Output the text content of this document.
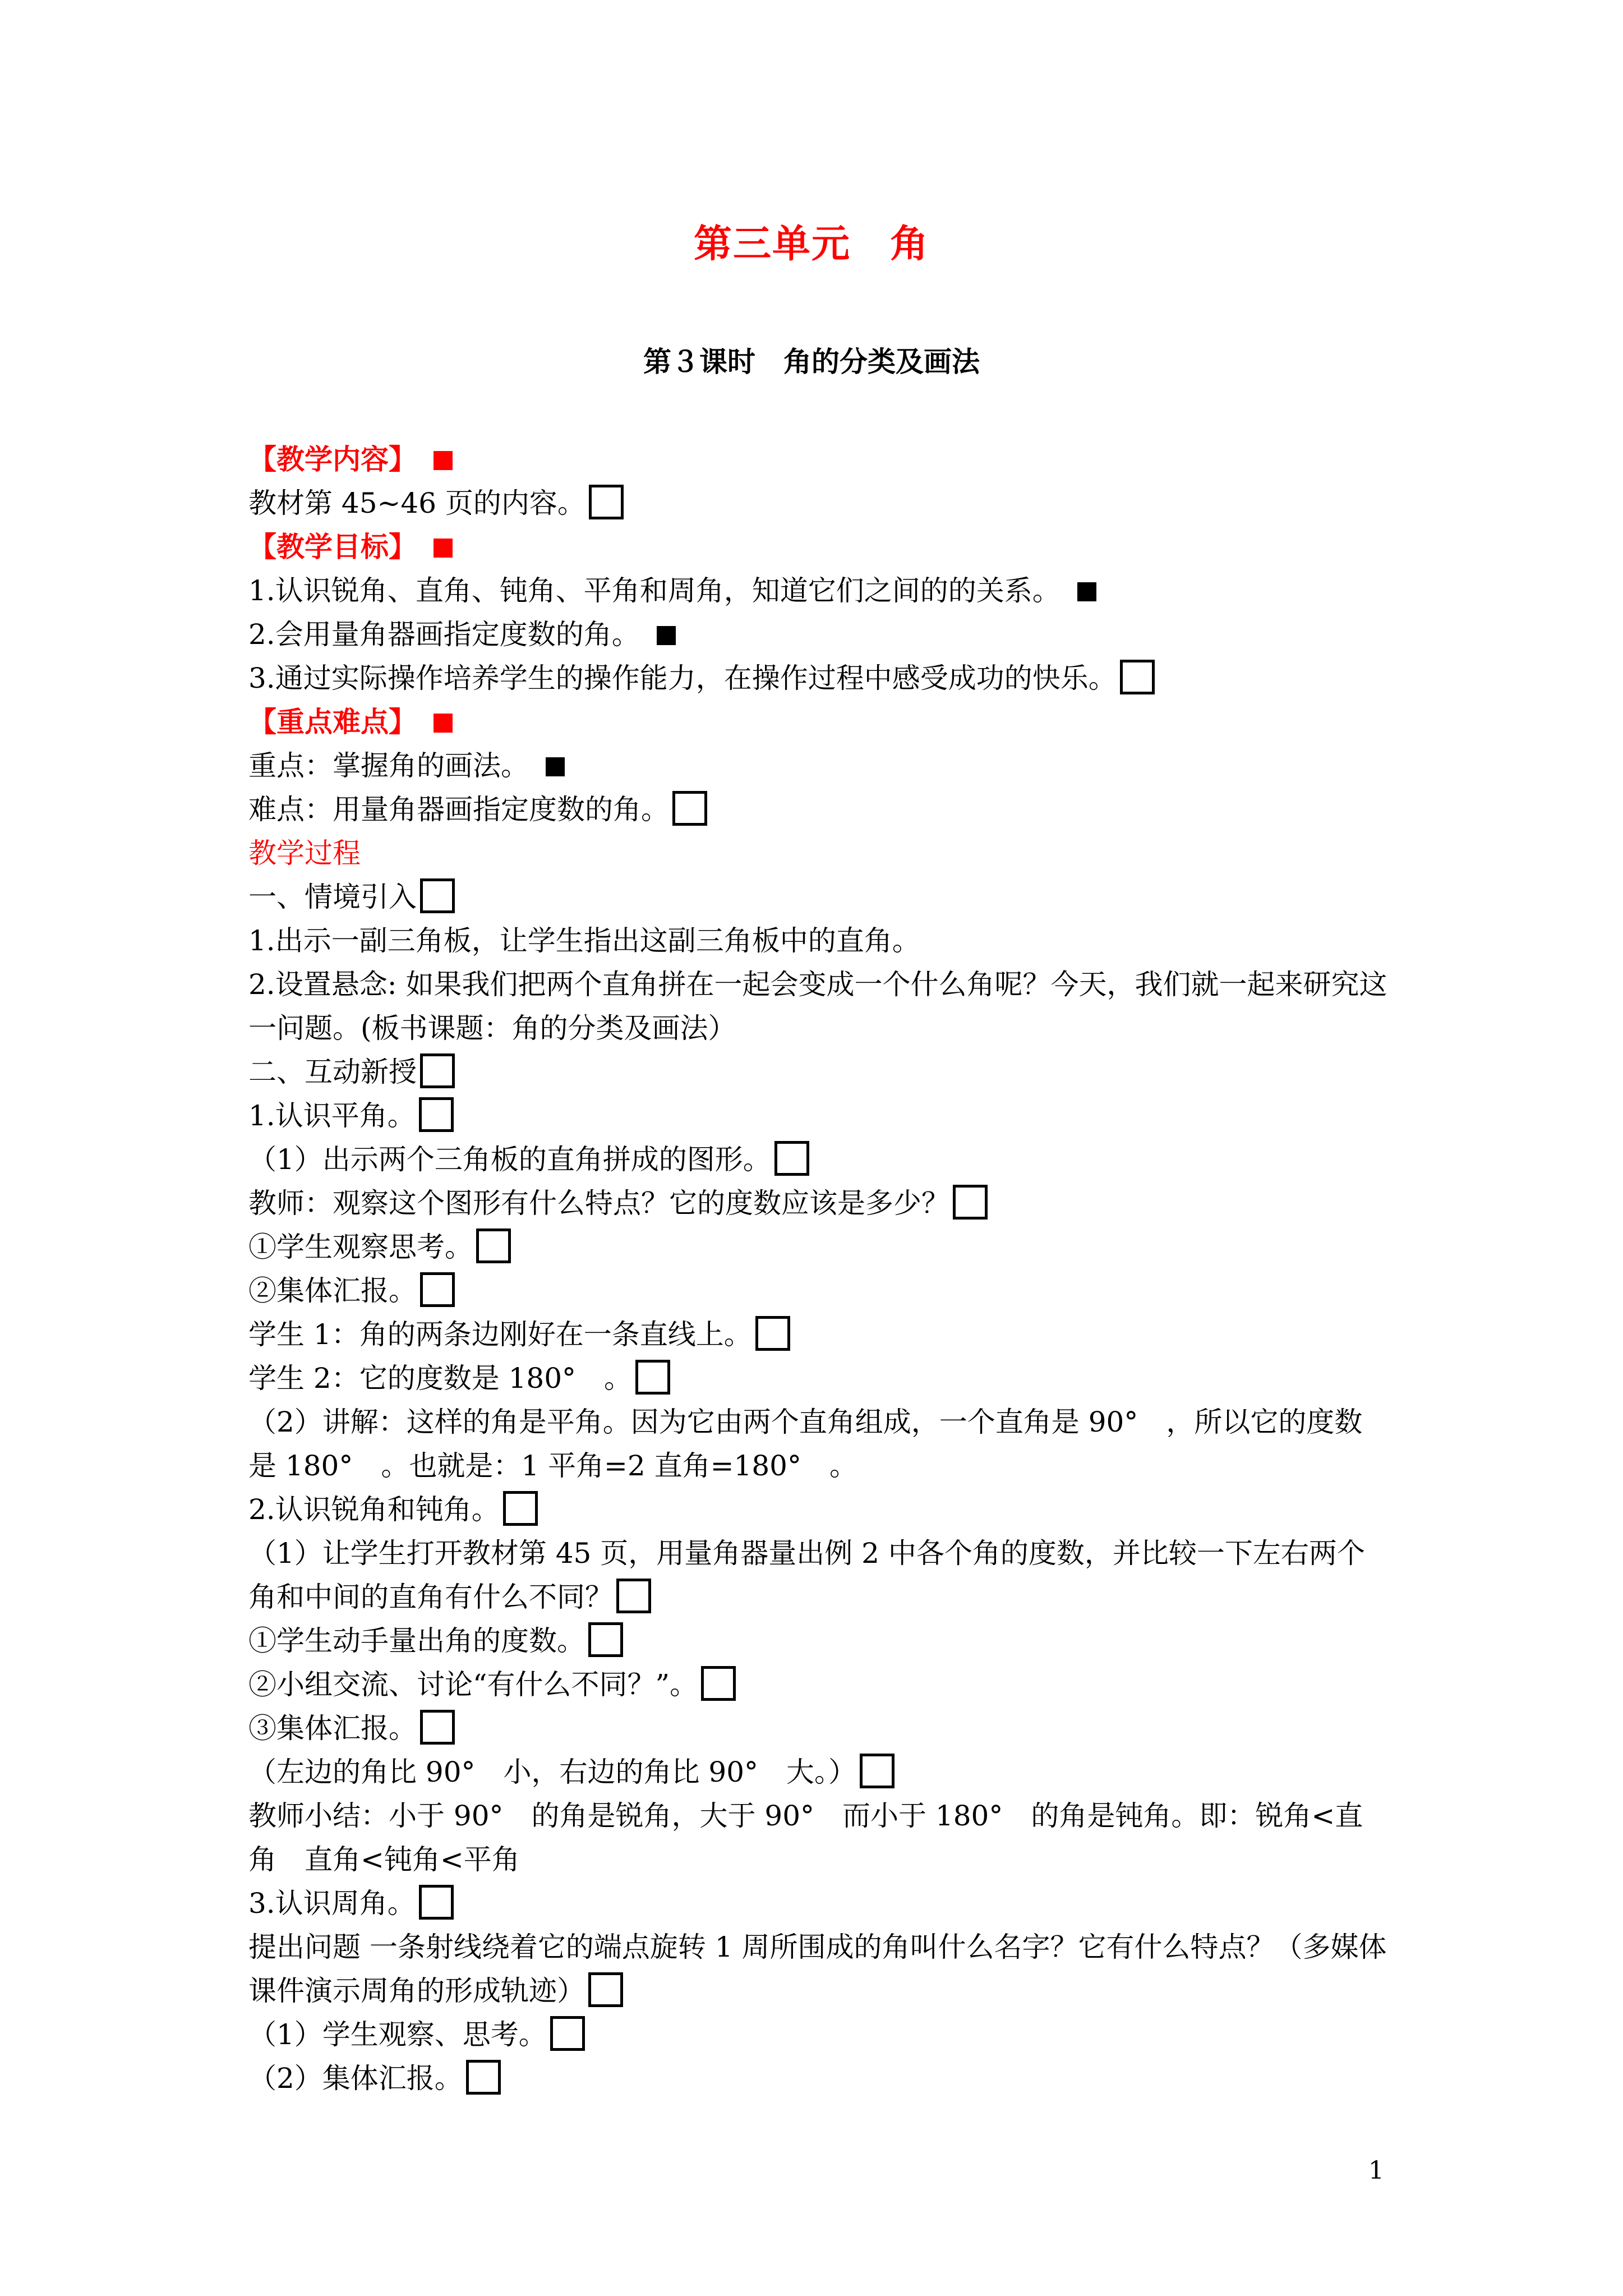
第三单元　角
第３课时　角的分类及画法
【教学内容】
教材第 45~46 页的内容。
【教学目标】
1.认识锐角、直角、钝角、平角和周角，知道它们之间的的关系。
2.会用量角器画指定度数的角。
3.通过实际操作培养学生的操作能力，在操作过程中感受成功的快乐。
【重点难点】
重点：掌握角的画法。
难点：用量角器画指定度数的角。
教学过程
一、情境引入
1.出示一副三角板，让学生指出这副三角板中的直角。
2.设置悬念: 如果我们把两个直角拼在一起会变成一个什么角呢？今天，我们就一起来研究这一问题。(板书课题：角的分类及画法）
二、互动新授
1.认识平角。
（1）出示两个三角板的直角拼成的图形。
教师：观察这个图形有什么特点？它的度数应该是多少？
①学生观察思考。
②集体汇报。
学生 1：角的两条边刚好在一条直线上。
学生 2：它的度数是 180°　。
（2）讲解：这样的角是平角。因为它由两个直角组成，一个直角是 90°　，所以它的度数是 180°　。也就是：1 平角=2 直角=180°　。
2.认识锐角和钝角。
（1）让学生打开教材第 45 页，用量角器量出例 2 中各个角的度数，并比较一下左右两个角和中间的直角有什么不同？
①学生动手量出角的度数。
②小组交流、讨论“有什么不同？”。
③集体汇报。
（左边的角比 90°　小，右边的角比 90°　大。）
教师小结：小于 90°　的角是锐角，大于 90°　而小于 180°　的角是钝角。即：锐角<直角　直角<钝角<平角
3.认识周角。
提出问题 一条射线绕着它的端点旋转 1 周所围成的角叫什么名字？它有什么特点？（多媒体课件演示周角的形成轨迹）
（1）学生观察、思考。
（2）集体汇报。
1
